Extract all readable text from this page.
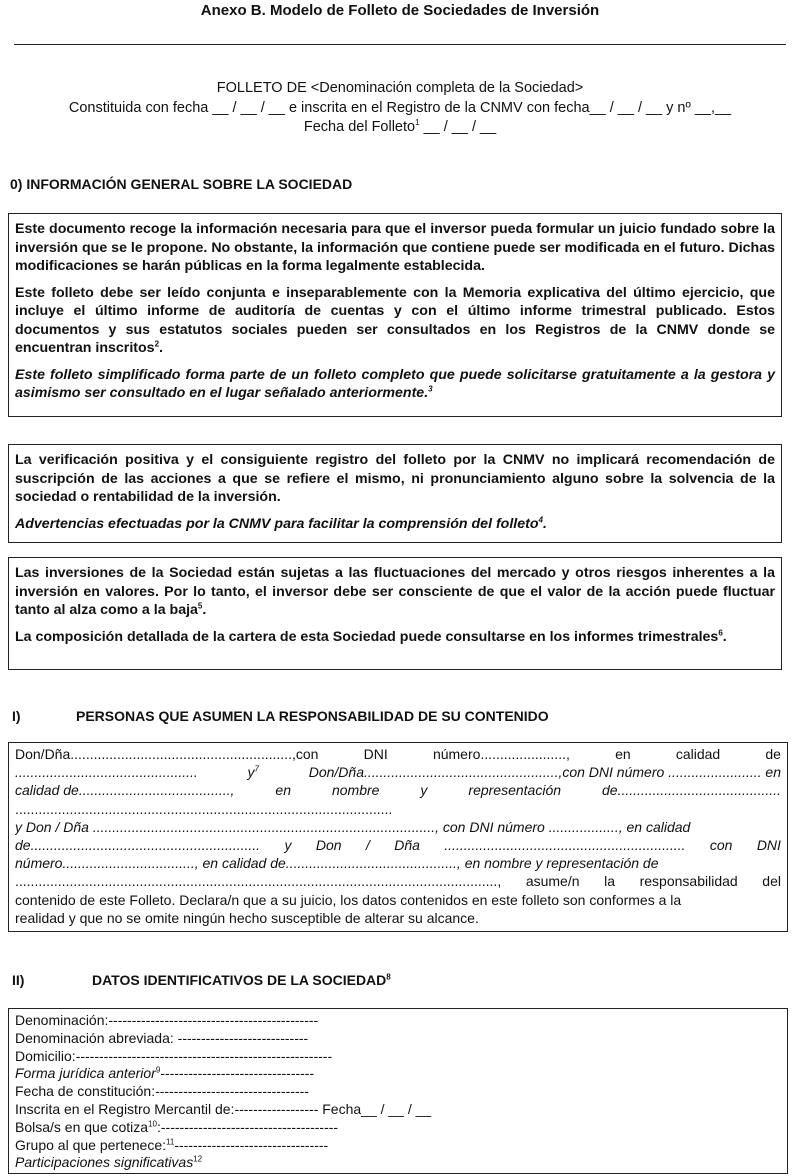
Anexo B. Modelo de Folleto de Sociedades de Inversión
FOLLETO DE <Denominación completa de la Sociedad>
Constituida con fecha __ / __ / __ e inscrita en el Registro de la CNMV con fecha__ / __ / __ y nº __,__
Fecha del Folleto$^1$ __ / __ / __
0) INFORMACIÓN GENERAL SOBRE LA SOCIEDAD

Este documento recoge la información necesaria para que el inversor pueda formular un juicio fundado sobre la inversión que se le propone. No obstante, la información que contiene puede ser modificada en el futuro. Dichas modificaciones se harán públicas en la forma legalmente establecida.

Este folleto debe ser leído conjunta e inseparablemente con la Memoria explicativa del último ejercicio, que incluye el último informe de auditoría de cuentas y con el último informe trimestral publicado. Estos documentos y sus estatutos sociales pueden ser consultados en los Registros de la CNMV donde se encuentran inscritos$^2$.

Este folleto simplificado forma parte de un folleto completo que puede solicitarse gratuitamente a la gestora y asimismo ser consultado en el lugar señalado anteriormente.$^3$

La verificación positiva y el consiguiente registro del folleto por la CNMV no implicará recomendación de suscripción de las acciones a que se refiere el mismo, ni pronunciamiento alguno sobre la solvencia de la sociedad o rentabilidad de la inversión.

Advertencias efectuadas por la CNMV para facilitar la comprensión del folleto$^4$.

Las inversiones de la Sociedad están sujetas a las fluctuaciones del mercado y otros riesgos inherentes a la inversión en valores. Por lo tanto, el inversor debe ser consciente de que el valor de la acción puede fluctuar tanto al alza como a la baja$^5$.

La composición detallada de la cartera de esta Sociedad puede consultarse en los informes trimestrales$^6$.

I)	PERSONAS QUE ASUMEN LA RESPONSABILIDAD DE SU CONTENIDO
Don/Dña.........................................................,con	DNI	número......................,	en	calidad	de
...............................................	$y^7$	Don/Dña..................................................,con DNI número ........................ en
calidad de.......................................,	en	nombre	y	representación	de..........................................
.................................................................................................
y Don / Dña ........................................................................................, con DNI número .................., en calidad
de........................................................... y Don / Dña .............................................................. con DNI
número.................................., en calidad de............................................, en nombre y representación de
............................................................................................................................, asume/n la responsabilidad del
contenido de este Folleto. Declara/n que a su juicio, los datos contenidos en este folleto son conformes a la
realidad y que no se omite ningún hecho susceptible de alterar su alcance.
II)	DATOS IDENTIFICATIVOS DE LA SOCIEDAD$^8$
Denominación:---------------------------------------------
Denominación abreviada: ----------------------------
Domicilio:-------------------------------------------------------
Forma jurídica anterior$^9$---------------------------------
Fecha de constitución:---------------------------------
Inscrita en el Registro Mercantil de:------------------ Fecha__ / __ / __
Bolsa/s en que cotiza$^{10}$:--------------------------------------
Grupo al que pertenece:$^{11}$---------------------------------
Participaciones significativas$^{12}$
